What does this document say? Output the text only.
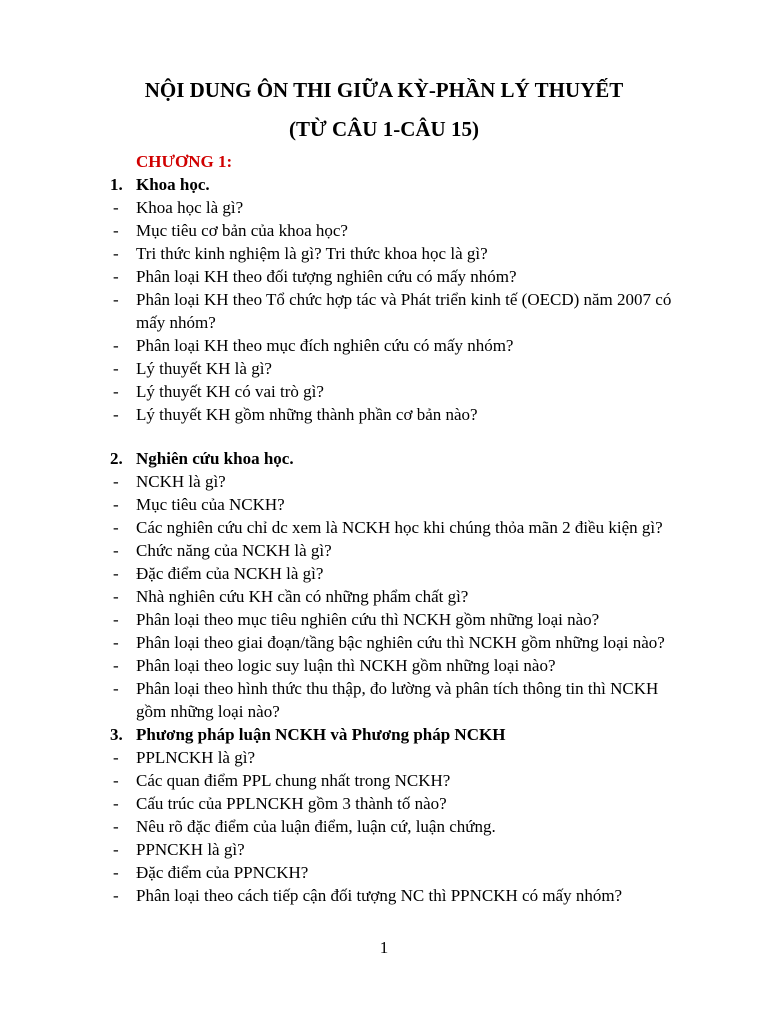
NỘI DUNG ÔN THI GIỮA KỲ-PHẦN LÝ THUYẾT
(TỪ CÂU 1-CÂU 15)
CHƯƠNG 1:
1. Khoa học.
- Khoa học là gì?
- Mục tiêu cơ bản của khoa học?
- Tri thức kinh nghiệm là gì? Tri thức khoa học là gì?
- Phân loại KH theo đối tượng nghiên cứu có mấy nhóm?
- Phân loại KH theo Tổ chức hợp tác và Phát triển kinh tế (OECD) năm 2007 có mấy nhóm?
- Phân loại KH theo mục đích nghiên cứu có mấy nhóm?
- Lý thuyết KH là gì?
- Lý thuyết KH có vai trò gì?
- Lý thuyết KH gồm những thành phần cơ bản nào?
2. Nghiên cứu khoa học.
- NCKH là gì?
- Mục tiêu của NCKH?
- Các nghiên cứu chỉ dc xem là NCKH học khi chúng thỏa mãn 2 điều kiện gì?
- Chức năng của NCKH là gì?
- Đặc điểm của NCKH là gì?
- Nhà nghiên cứu KH cần có những phẩm chất gì?
- Phân loại theo mục tiêu nghiên cứu thì NCKH gồm những loại nào?
- Phân loại theo giai đoạn/tầng bậc nghiên cứu thì NCKH gồm những loại nào?
- Phân loại theo logic suy luận thì NCKH gồm những loại nào?
- Phân loại theo hình thức thu thập, đo lường và phân tích thông tin thì NCKH gồm những loại nào?
3. Phương pháp luận NCKH và Phương pháp NCKH
- PPLNCKH là gì?
- Các quan điểm PPL chung nhất trong NCKH?
- Cấu trúc của PPLNCKH gồm 3 thành tố nào?
- Nêu rõ đặc điểm của luận điểm, luận cứ, luận chứng.
- PPNCKH là gì?
- Đặc điểm của PPNCKH?
- Phân loại theo cách tiếp cận đối tượng NC thì PPNCKH có mấy nhóm?
1
